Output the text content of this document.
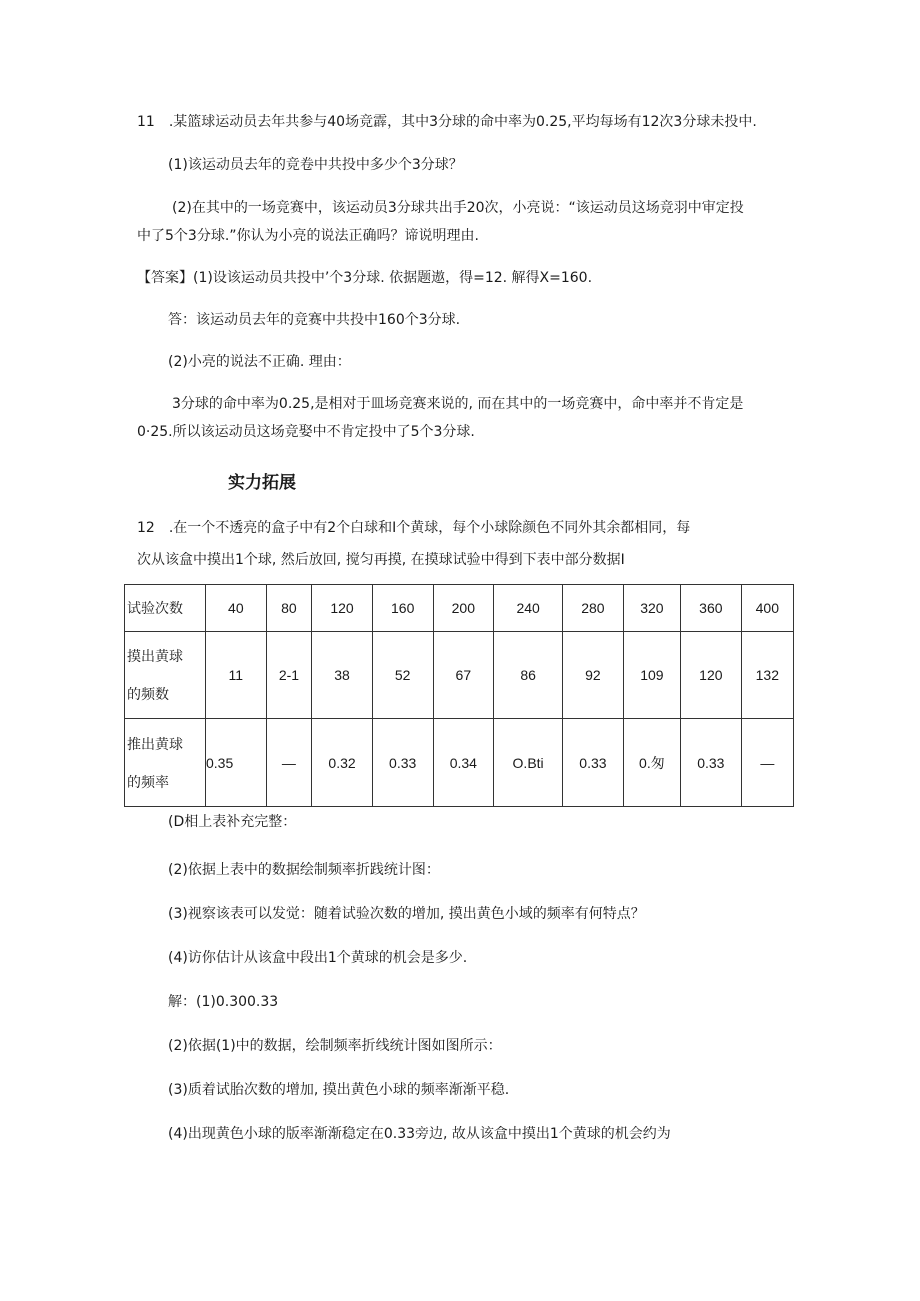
11　.某篮球运动员去年共参与40场竞霹，其中3分球的命中率为0.25,平均每场有12次3分球未投中.
(1)该运动员去年的竞卷中共投中多少个3分球？
(2)在其中的一场竞赛中，该运动员3分球共出手20次，小亮说：“该运动员这场竞羽中审定投
中了5个3分球.”你认为小亮的说法正确吗？谛说明理由.
【答案】(1)设该运动员共投中’个3分球. 依据题遨，得=12. 解得X=160.
答：该运动员去年的竞赛中共投中160个3分球.
(2)小亮的说法不正确. 理由：
3分球的命中率为0.25,是相对于皿场竞赛来说的, 而在其中的一场竞赛中，命中率并不肯定是
0·25.所以该运动员这场竞娶中不肯定投中了5个3分球.
实力拓展
12　.在一个不透亮的盒子中有2个白球和Ⅰ个黄球，每个小球除颜色不同外其余都相同，每
次从该盒中摸出1个球, 然后放回, 搅匀再摸, 在摸球试验中得到下表中部分数据Ⅰ
试验次数	40	80	120	160	200	240	280	320	360	400

摸出黄球
的频数	11	2-1	38	52	67	86	92	109	120	132

推出黄球
的频率	0.35	—	0.32	0.33	0.34	O.Bti	0.33	0.匆	0.33	—
(D相上表补充完整：
(2)依据上表中的数据绘制频率折践统计图：
(3)视察该表可以发觉：随着试验次数的增加, 摸出黄色小域的频率有何特点？
(4)访你估计从该盒中段出1个黄球的机会是多少.
解：(1)0.300.33
(2)依据(1)中的数据，绘制频率折线统计图如图所示：
(3)质着试胎次数的增加, 摸出黄色小球的频率渐渐平稳.
(4)出现黄色小球的版率渐渐稳定在0.33旁边, 故从该盒中摸出1个黄球的机会约为
